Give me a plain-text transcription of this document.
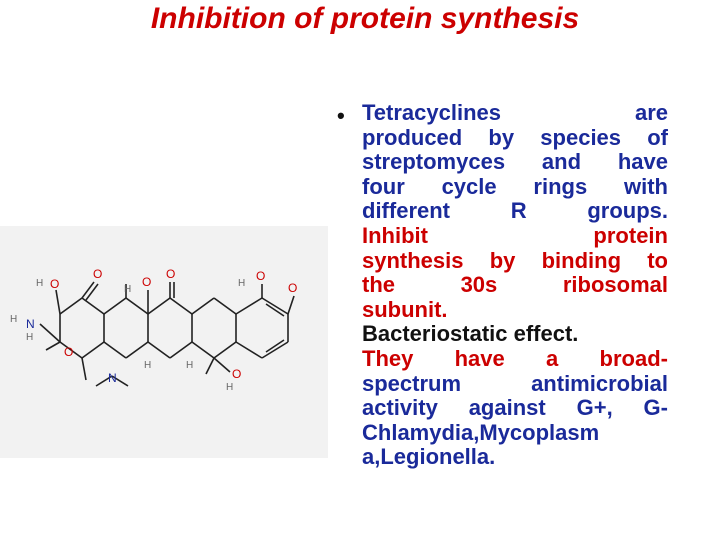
Inhibition of protein synthesis
O
O
O
O	O
O
O
O
N
N
H
H
H
H
H
H
H	H
• Tetracyclines are
produced by species of
streptomyces and have
four cycle rings with
different R groups.
Inhibit protein
synthesis by binding to
the 30s ribosomal
subunit.
Bacteriostatic effect.
They have a broad-
spectrum antimicrobial
activity against G+, G-
Chlamydia,Mycoplasm
a,Legionella.
